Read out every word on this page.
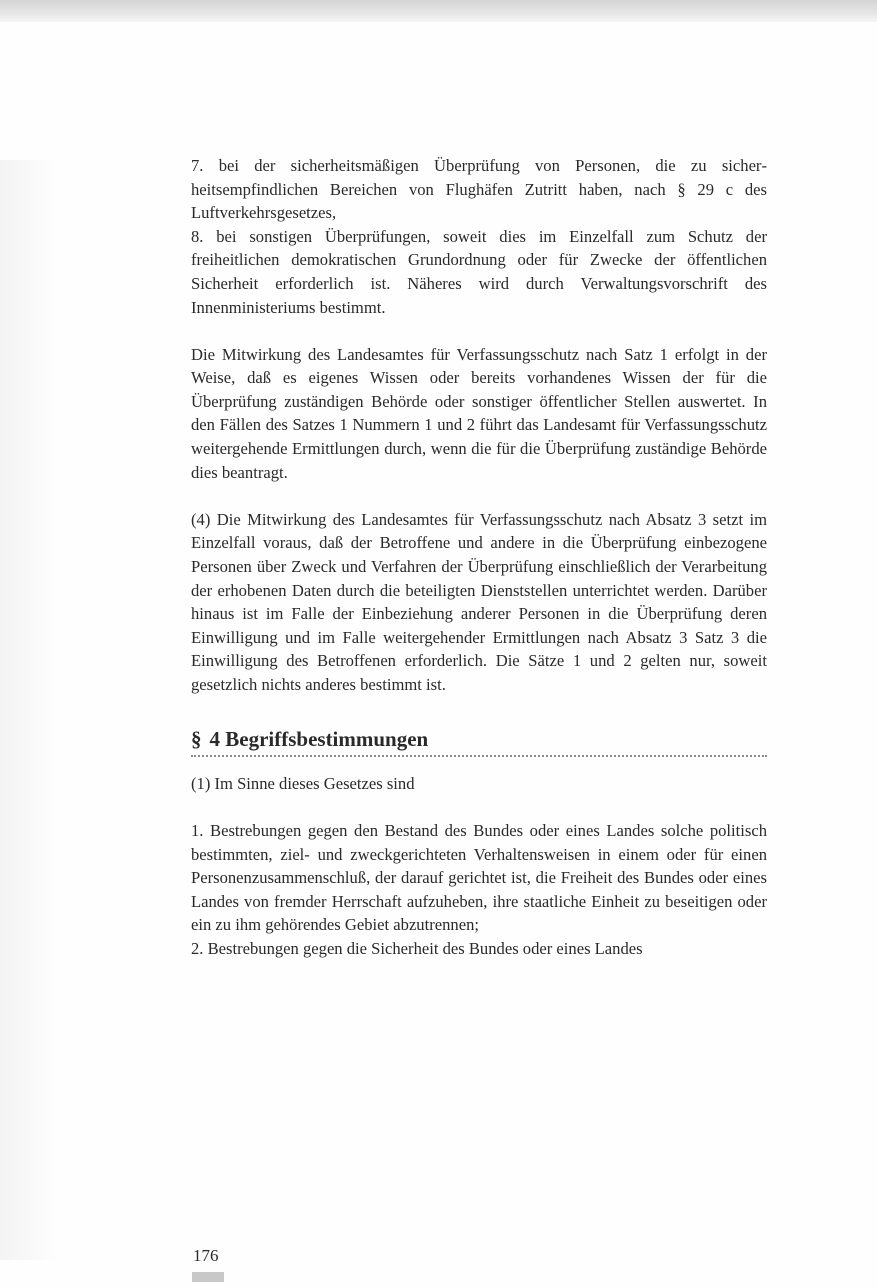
7. bei der sicherheitsmäßigen Überprüfung von Personen, die zu sicherheitsempfindlichen Bereichen von Flughäfen Zutritt haben, nach § 29 c des Luftverkehrsgesetzes,

8. bei sonstigen Überprüfungen, soweit dies im Einzelfall zum Schutz der freiheitlichen demokratischen Grundordnung oder für Zwecke der öffentlichen Sicherheit erforderlich ist. Näheres wird durch Verwaltungsvorschrift des Innenministeriums bestimmt.

Die Mitwirkung des Landesamtes für Verfassungsschutz nach Satz 1 erfolgt in der Weise, daß es eigenes Wissen oder bereits vorhandenes Wissen der für die Überprüfung zuständigen Behörde oder sonstiger öffentlicher Stellen auswertet. In den Fällen des Satzes 1 Nummern 1 und 2 führt das Landesamt für Verfassungsschutz weitergehende Ermittlungen durch, wenn die für die Überprüfung zuständige Behörde dies beantragt.

(4) Die Mitwirkung des Landesamtes für Verfassungsschutz nach Absatz 3 setzt im Einzelfall voraus, daß der Betroffene und andere in die Überprüfung einbezogene Personen über Zweck und Verfahren der Überprüfung einschließlich der Verarbeitung der erhobenen Daten durch die beteiligten Dienststellen unterrichtet werden. Darüber hinaus ist im Falle der Einbeziehung anderer Personen in die Überprüfung deren Einwilligung und im Falle weitergehender Ermittlungen nach Absatz 3 Satz 3 die Einwilligung des Betroffenen erforderlich. Die Sätze 1 und 2 gelten nur, soweit gesetzlich nichts anderes bestimmt ist.

§ 4 Begriffsbestimmungen

(1) Im Sinne dieses Gesetzes sind

1. Bestrebungen gegen den Bestand des Bundes oder eines Landes solche politisch bestimmten, ziel- und zweckgerichteten Verhaltensweisen in einem oder für einen Personenzusammenschluß, der darauf gerichtet ist, die Freiheit des Bundes oder eines Landes von fremder Herrschaft aufzuheben, ihre staatliche Einheit zu beseitigen oder ein zu ihm gehörendes Gebiet abzutrennen;

2. Bestrebungen gegen die Sicherheit des Bundes oder eines Landes

176
